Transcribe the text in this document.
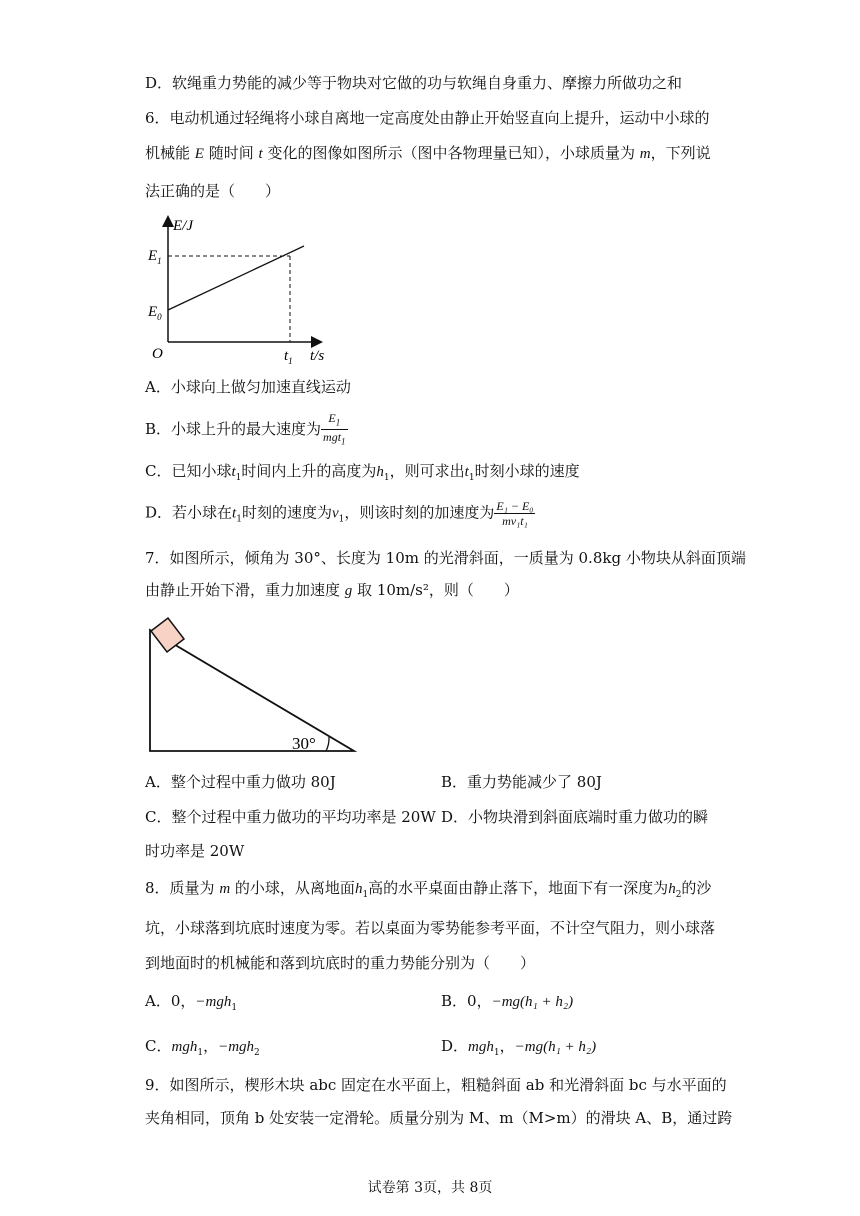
D．软绳重力势能的减少等于物块对它做的功与软绳自身重力、摩擦力所做功之和
6．电动机通过轻绳将小球自离地一定高度处由静止开始竖直向上提升，运动中小球的
机械能 E 随时间 t 变化的图像如图所示（图中各物理量已知），小球质量为 m，下列说
法正确的是（　　）
E/J
t/s
O
$E_1$
$E_0$
$t_1$
A．小球向上做匀加速直线运动
B．小球上升的最大速度为 $\frac{E_1}{mgt_1}$
C．已知小球$t_1$时间内上升的高度为$h_1$，则可求出$t_1$时刻小球的速度
D．若小球在$t_1$时刻的速度为$v_1$，则该时刻的加速度为 $\frac{\text{E₁ − E₀}}{\text{mv₁t₁}}$
7．如图所示，倾角为 30°、长度为 10m 的光滑斜面，一质量为 0.8kg 小物块从斜面顶端
由静止开始下滑，重力加速度 g 取 10m/s²，则（　　）
30°
A．整个过程中重力做功 80J	B．重力势能减少了 80J
C．整个过程中重力做功的平均功率是 20W D．小物块滑到斜面底端时重力做功的瞬
时功率是 20W
8．质量为 m 的小球，从离地面$h_1$高的水平桌面由静止落下，地面下有一深度为$h_2$的沙
坑，小球落到坑底时速度为零。若以桌面为零势能参考平面，不计空气阻力，则小球落
到地面时的机械能和落到坑底时的重力势能分别为（　　）
A．0，−mgh$_1$	B．0，−mg(h₁ + h₂)
C．mgh$_1$，−mgh$_2$	D．mgh$_1$，−mg(h₁ + h₂)
9．如图所示，楔形木块 abc 固定在水平面上，粗糙斜面 ab 和光滑斜面 bc 与水平面的
夹角相同，顶角 b 处安装一定滑轮。质量分别为 M、m（M>m）的滑块 A、B，通过跨
试卷第 3页，共 8页
